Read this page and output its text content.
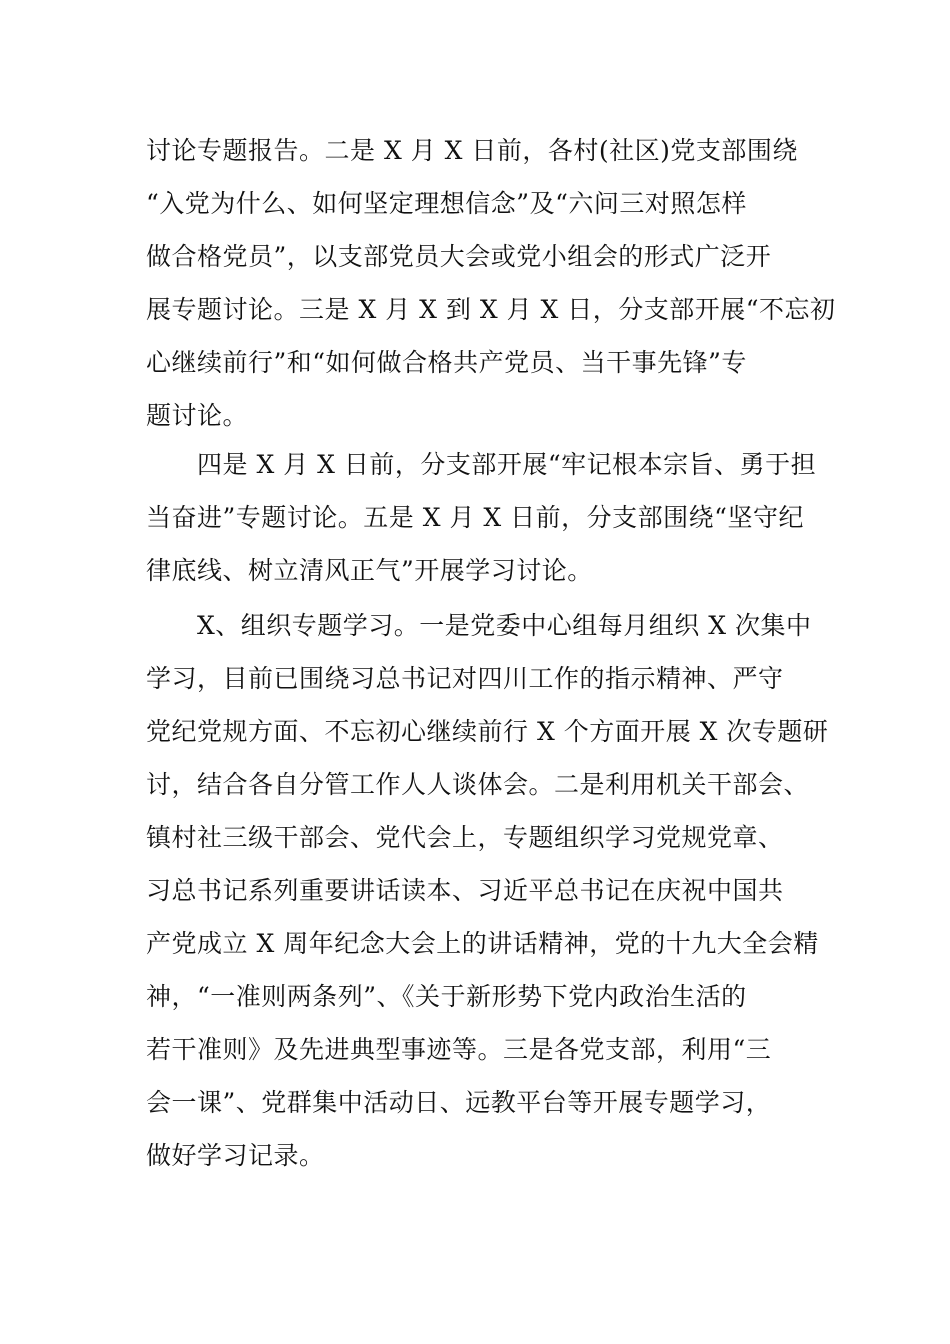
讨论专题报告。二是 X 月 X 日前，各村(社区)党支部围绕
“入党为什么、如何坚定理想信念”及“六问三对照怎样
做合格党员”，以支部党员大会或党小组会的形式广泛开
展专题讨论。三是 X 月 X 到 X 月 X 日，分支部开展“不忘初
心继续前行”和“如何做合格共产党员、当干事先锋”专
题讨论。
　　四是 X 月 X 日前，分支部开展“牢记根本宗旨、勇于担
当奋进”专题讨论。五是 X 月 X 日前，分支部围绕“坚守纪
律底线、树立清风正气”开展学习讨论。
　　X、组织专题学习。一是党委中心组每月组织 X 次集中
学习，目前已围绕习总书记对四川工作的指示精神、严守
党纪党规方面、不忘初心继续前行 X 个方面开展 X 次专题研
讨，结合各自分管工作人人谈体会。二是利用机关干部会、
镇村社三级干部会、党代会上，专题组织学习党规党章、
习总书记系列重要讲话读本、习近平总书记在庆祝中国共
产党成立 X 周年纪念大会上的讲话精神，党的十九大全会精
神，“一准则两条列”、《关于新形势下党内政治生活的
若干准则》及先进典型事迹等。三是各党支部，利用“三
会一课”、党群集中活动日、远教平台等开展专题学习，
做好学习记录。
